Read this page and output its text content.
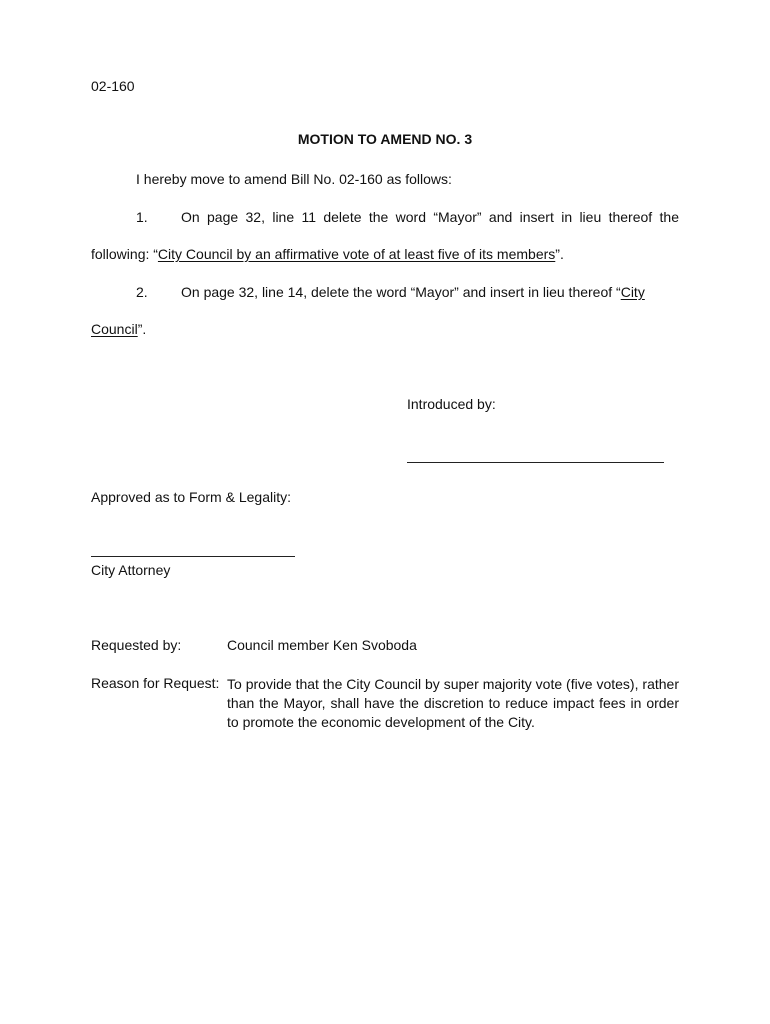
02-160
MOTION TO AMEND NO. 3
I hereby move to amend Bill No. 02-160 as follows:
1. On page 32, line 11 delete the word “Mayor” and insert in lieu thereof the
following: “City Council by an affirmative vote of at least five of its members”.
2. On page 32, line 14, delete the word “Mayor” and insert in lieu thereof “City
Council”.
Introduced by:
Approved as to Form & Legality:
City Attorney
Requested by:	Council member Ken Svoboda
Reason for Request: To provide that the City Council by super majority vote (five votes), rather than the Mayor, shall have the discretion to reduce impact fees in order to promote the economic development of the City.
